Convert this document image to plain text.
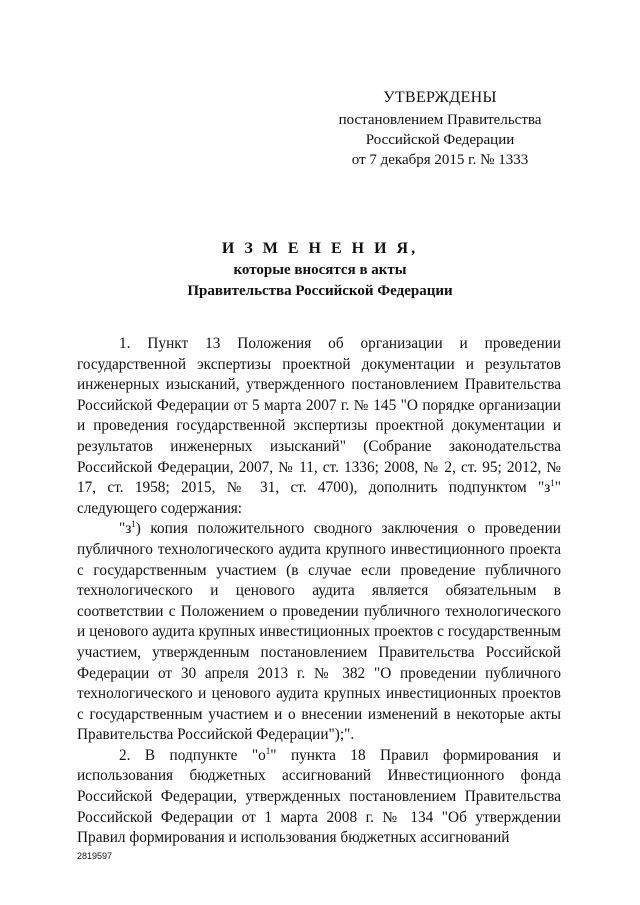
УТВЕРЖДЕНЫ
постановлением Правительства
Российской Федерации
от 7 декабря 2015 г. № 1333
И З М Е Н Е Н И Я,
которые вносятся в акты
Правительства Российской Федерации

1. Пункт 13 Положения об организации и проведении государственной экспертизы проектной документации и результатов инженерных изысканий, утвержденного постановлением Правительства Российской Федерации от 5 марта 2007 г. № 145 "О порядке организации и проведения государственной экспертизы проектной документации и результатов инженерных изысканий" (Собрание законодательства Российской Федерации, 2007, № 11, ст. 1336; 2008, № 2, ст. 95; 2012, № 17, ст. 1958; 2015, № 31, ст. 4700), дополнить подпунктом "$з^1$" следующего содержания:

"$з^1$) копия положительного сводного заключения о проведении публичного технологического аудита крупного инвестиционного проекта с государственным участием (в случае если проведение публичного технологического и ценового аудита является обязательным в соответствии с Положением о проведении публичного технологического и ценового аудита крупных инвестиционных проектов с государственным участием, утвержденным постановлением Правительства Российской Федерации от 30 апреля 2013 г. № 382 "О проведении публичного технологического и ценового аудита крупных инвестиционных проектов с государственным участием и о внесении изменений в некоторые акты Правительства Российской Федерации");".

2. В подпункте "$о^1$" пункта 18 Правил формирования и использования бюджетных ассигнований Инвестиционного фонда Российской Федерации, утвержденных постановлением Правительства Российской Федерации от 1 марта 2008 г. № 134 "Об утверждении Правил формирования и использования бюджетных ассигнований

2819597
